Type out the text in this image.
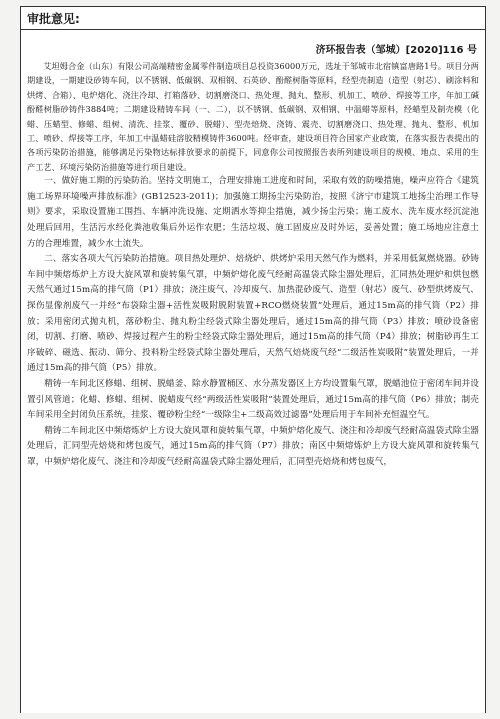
审批意见:
济环报告表（邹城）[2020]116 号

艾坦姆合金（山东）有限公司高端精密金属零件制造项目总投资36000万元，选址于邹城市北宿镇富唐路1号。项目分两期建设，一期建设砂铸车间，以不锈钢、低碳钢、双相钢、石英砂、酚醛树脂等原料，经型壳制造（造型（射芯）、刷涂料和烘烤、合箱）、电炉熔化、浇注冷却、打箱落砂、切割磨浇口、热处理、抛丸、整形、机加工、喷砂、焊接等工序，年加工碱酚醛树脂砂铸件3884吨；二期建设精铸车间（一、二），以不锈钢、低碳钢、双相钢、中温蜡等原料，经蜡型及制壳模（化蜡、压蜡型、修蜡、组树、清洗、挂浆、覆砂、脱蜡）、型壳焙烧、浇铸、震壳、切割磨浇口、热处理、抛丸、整形、机加工、喷砂、焊接等工序，年加工中温蜡硅溶胶精模铸件3600吨。经审查，建设项目符合国家产业政策，在落实报告表提出的各项污染防治措施，能够满足污染物达标排放要求的前提下，同意你公司按照报告表所列建设项目的规模、地点、采用的生产工艺、环境污染防治措施等进行项目建设。

一、做好施工期的污染防治。坚持文明施工，合理安排施工进度和时间，采取有效的防噪措施，噪声应符合《建筑施工场界环境噪声排放标准》(GB12523-2011)；加强施工期扬尘污染防治，按照《济宁市建筑工地扬尘治理工作导则》要求，采取设置施工围挡、车辆冲洗设施、定期洒水等抑尘措施，减少扬尘污染；施工废水、洗车废水经沉淀池处理后回用，生活污水经化粪池收集后外运作农肥；生活垃圾、施工固废应及时外运，妥善处置；施工场地应注意土方的合理堆置，减少水土流失。

二、落实各项大气污染防治措施。项目热处理炉、焙烧炉、烘烤炉采用天然气作为燃料，并采用低氮燃烧器。砂铸车间中频熔炼炉上方设大旋风罩和旋转集气罩，中频炉熔化废气经耐高温袋式除尘器处理后，汇同热处理炉和烘包燃天然气通过15m高的排气筒（P1）排放；浇注废气、冷却废气、加热混砂废气、造型（射芯）废气、砂型烘烤废气、探伤显像剂废气一并经“布袋除尘器+活性炭吸附脱附装置+RCO燃烧装置”处理后，通过15m高的排气筒（P2）排放；采用密闭式抛丸机，落砂粉尘、抛丸粉尘经袋式除尘器处理后，通过15m高的排气筒（P3）排放；喷砂设备密闭，切割、打磨、喷砂、焊接过程产生的粉尘经袋式除尘器处理后，通过15m高的排气筒（P4）排放；树脂砂再生工序破碎、磁选、振动、筛分、投料粉尘经袋式除尘器处理后，天然气焙烧废气经“二级活性炭吸附”装置处理后，一并通过15m高的排气筒（P5）排放。

精铸一车间北区修蜡、组树、脱蜡釜、除水静置桶区、水分蒸发器区上方均设置集气罩，脱蜡池位于密闭车间并设置引风管道；化蜡、修蜡、组树、脱蜡废气经“两级活性炭吸附”装置处理后，通过15m高的排气筒（P6）排放；制壳车间采用全封闭负压系统，挂浆、覆砂粉尘经“一级除尘+二级高效过滤器”处理后用于车间补充恒温空气。

精铸二车间北区中频熔炼炉上方设大旋风罩和旋转集气罩，中频炉熔化废气、浇注和冷却废气经耐高温袋式除尘器处理后，汇同型壳焙烧和烤包废气，通过15m高的排气筒（P7）排放；南区中频熔炼炉上方设大旋风罩和旋转集气罩，中频炉熔化废气、浇注和冷却废气经耐高温袋式除尘器处理后，汇同型壳焙烧和烤包废气，
